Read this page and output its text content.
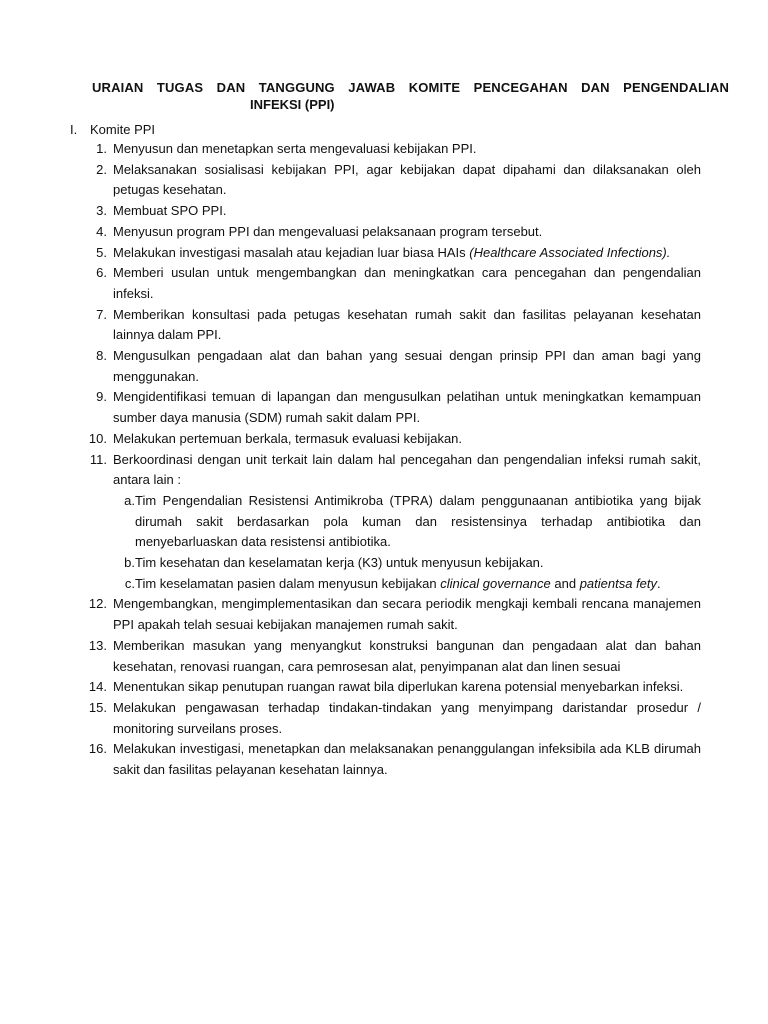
URAIAN TUGAS DAN TANGGUNG JAWAB KOMITE PENCEGAHAN DAN PENGENDALIAN
INFEKSI (PPI)
I. Komite PPI
1. Menyusun dan menetapkan serta mengevaluasi kebijakan PPI.
2. Melaksanakan sosialisasi kebijakan PPI, agar kebijakan dapat dipahami dan dilaksanakan oleh petugas kesehatan.
3. Membuat SPO PPI.
4. Menyusun program PPI dan mengevaluasi pelaksanaan program tersebut.
5. Melakukan investigasi masalah atau kejadian luar biasa HAIs (Healthcare Associated Infections).
6. Memberi usulan untuk mengembangkan dan meningkatkan cara pencegahan dan pengendalian infeksi.
7. Memberikan konsultasi pada petugas kesehatan rumah sakit dan fasilitas pelayanan kesehatan lainnya dalam PPI.
8. Mengusulkan pengadaan alat dan bahan yang sesuai dengan prinsip PPI dan aman bagi yang menggunakan.
9. Mengidentifikasi temuan di lapangan dan mengusulkan pelatihan untuk meningkatkan kemampuan sumber daya manusia (SDM) rumah sakit dalam PPI.
10. Melakukan pertemuan berkala, termasuk evaluasi kebijakan.
11. Berkoordinasi dengan unit terkait lain dalam hal pencegahan dan pengendalian infeksi rumah sakit, antara lain :
a. Tim Pengendalian Resistensi Antimikroba (TPRA) dalam penggunaanan antibiotika yang bijak dirumah sakit berdasarkan pola kuman dan resistensinya terhadap antibiotika dan menyebarluaskan data resistensi antibiotika.
b. Tim kesehatan dan keselamatan kerja (K3) untuk menyusun kebijakan.
c. Tim keselamatan pasien dalam menyusun kebijakan clinical governance and patientsa fety.
12. Mengembangkan, mengimplementasikan dan secara periodik mengkaji kembali rencana manajemen PPI apakah telah sesuai kebijakan manajemen rumah sakit.
13. Memberikan masukan yang menyangkut konstruksi bangunan dan pengadaan alat dan bahan kesehatan, renovasi ruangan, cara pemrosesan alat, penyimpanan alat dan linen sesuai
14. Menentukan sikap penutupan ruangan rawat bila diperlukan karena potensial menyebarkan infeksi.
15. Melakukan pengawasan terhadap tindakan-tindakan yang menyimpang daristandar prosedur / monitoring surveilans proses.
16. Melakukan investigasi, menetapkan dan melaksanakan penanggulangan infeksibila ada KLB dirumah sakit dan fasilitas pelayanan kesehatan lainnya.
